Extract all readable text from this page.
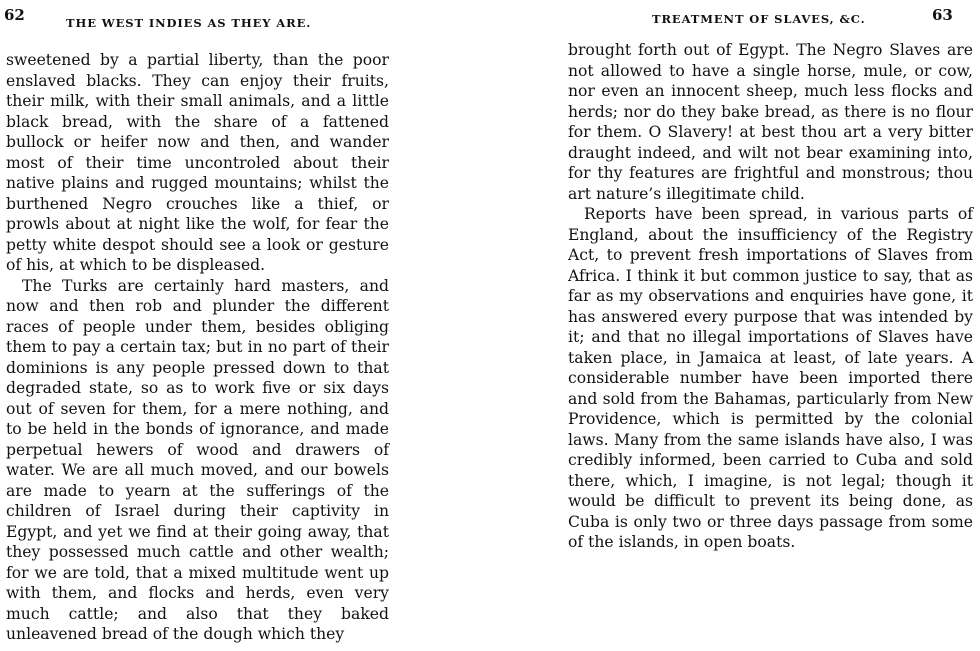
62	THE WEST INDIES AS THEY ARE.

sweetened by a partial liberty, than the poor enslaved blacks. They can enjoy their fruits, their milk, with their small animals, and a little black bread, with the share of a fattened bullock or heifer now and then, and wander most of their time uncontroled about their native plains and rugged mountains; whilst the burthened Negro crouches like a thief, or prowls about at night like the wolf, for fear the petty white despot should see a look or gesture of his, at which to be displeased.

The Turks are certainly hard masters, and now and then rob and plunder the different races of people under them, besides obliging them to pay a certain tax; but in no part of their dominions is any people pressed down to that degraded state, so as to work five or six days out of seven for them, for a mere nothing, and to be held in the bonds of ignorance, and made perpetual hewers of wood and drawers of water. We are all much moved, and our bowels are made to yearn at the sufferings of the children of Israel during their captivity in Egypt, and yet we find at their going away, that they possessed much cattle and other wealth; for we are told, that a mixed multitude went up with them, and flocks and herds, even very much cattle; and also that they baked unleavened bread of the dough which they

TREATMENT OF SLAVES, &C.	63

brought forth out of Egypt. The Negro Slaves are not allowed to have a single horse, mule, or cow, nor even an innocent sheep, much less flocks and herds; nor do they bake bread, as there is no flour for them. O Slavery! at best thou art a very bitter draught indeed, and wilt not bear examining into, for thy features are frightful and monstrous; thou art nature’s illegitimate child.

Reports have been spread, in various parts of England, about the insufficiency of the Registry Act, to prevent fresh importations of Slaves from Africa. I think it but common justice to say, that as far as my observations and enquiries have gone, it has answered every purpose that was intended by it; and that no illegal importations of Slaves have taken place, in Jamaica at least, of late years. A considerable number have been imported there and sold from the Bahamas, particularly from New Providence, which is permitted by the colonial laws. Many from the same islands have also, I was credibly informed, been carried to Cuba and sold there, which, I imagine, is not legal; though it would be difficult to prevent its being done, as Cuba is only two or three days passage from some of the islands, in open boats.
